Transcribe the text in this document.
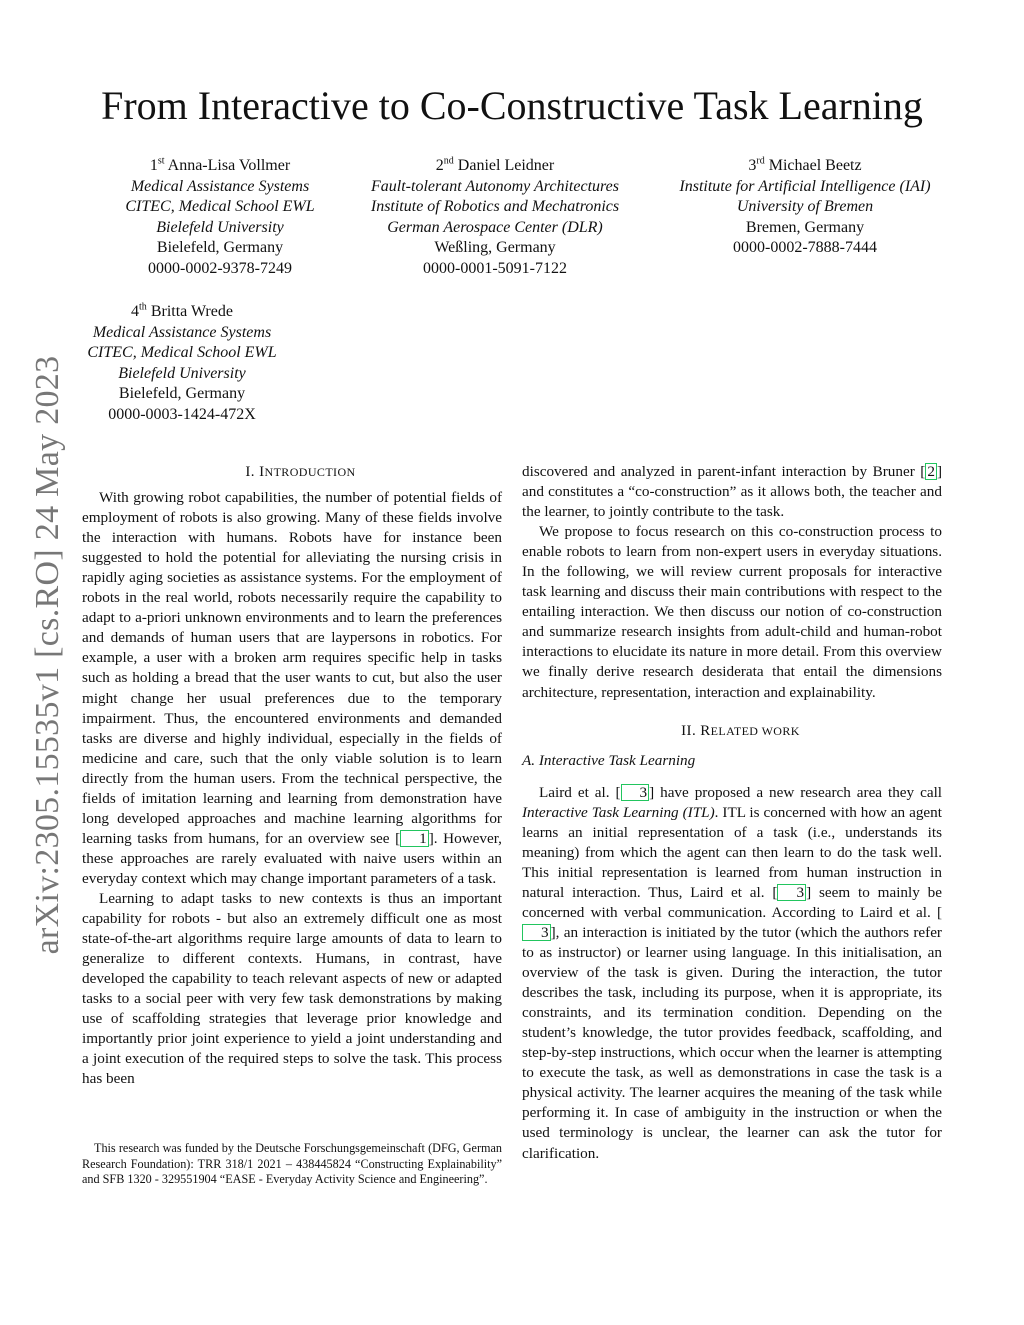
From Interactive to Co-Constructive Task Learning
1st Anna-Lisa Vollmer
Medical Assistance Systems
CITEC, Medical School EWL
Bielefeld University
Bielefeld, Germany
0000-0002-9378-7249
2nd Daniel Leidner
Fault-tolerant Autonomy Architectures
Institute of Robotics and Mechatronics
German Aerospace Center (DLR)
Weßling, Germany
0000-0001-5091-7122
3rd Michael Beetz
Institute for Artificial Intelligence (IAI)
University of Bremen
Bremen, Germany
0000-0002-7888-7444
4th Britta Wrede
Medical Assistance Systems
CITEC, Medical School EWL
Bielefeld University
Bielefeld, Germany
0000-0003-1424-472X
arXiv:2305.15535v1 [cs.RO] 24 May 2023	I. INTRODUCTION

With growing robot capabilities, the number of potential fields of employment of robots is also growing. Many of these fields involve the interaction with humans. Robots have for instance been suggested to hold the potential for alleviating the nursing crisis in rapidly aging societies as assistance systems. For the employment of robots in the real world, robots necessarily require the capability to adapt to a-priori unknown environments and to learn the preferences and demands of human users that are laypersons in robotics. For example, a user with a broken arm requires specific help in tasks such as holding a bread that the user wants to cut, but also the user might change her usual preferences due to the temporary impairment. Thus, the encountered environments and demanded tasks are diverse and highly individual, especially in the fields of medicine and care, such that the only viable solution is to learn directly from the human users. From the technical perspective, the fields of imitation learning and learning from demonstration have long developed approaches and machine learning algorithms for learning tasks from humans, for an overview see [ 1 ]. However, these approaches are rarely evaluated with naive users within an everyday context which may change important parameters of a task.

Learning to adapt tasks to new contexts is thus an important capability for robots - but also an extremely difficult one as most state-of-the-art algorithms require large amounts of data to learn to generalize to different contexts. Humans, in contrast, have developed the capability to teach relevant aspects of new or adapted tasks to a social peer with very few task demonstrations by making use of scaffolding strategies that leverage prior knowledge and importantly prior joint experience to yield a joint understanding and a joint execution of the required steps to solve the task. This process has been

This research was funded by the Deutsche Forschungsgemeinschaft (DFG, German Research Foundation): TRR 318/1 2021 – 438445824 “Constructing Explainability” and SFB 1320 - 329551904 “EASE - Everyday Activity Science and Engineering”.

discovered and analyzed in parent-infant interaction by Bruner [ 2 ] and constitutes a “co-construction” as it allows both, the teacher and the learner, to jointly contribute to the task.

We propose to focus research on this co-construction process to enable robots to learn from non-expert users in everyday situations. In the following, we will review current proposals for interactive task learning and discuss their main contributions with respect to the entailing interaction. We then discuss our notion of co-construction and summarize research insights from adult-child and human-robot interactions to elucidate its nature in more detail. From this overview we finally derive research desiderata that entail the dimensions architecture, representation, interaction and explainability.

II. RELATED WORK

A. Interactive Task Learning

Laird et al. [ 3 ] have proposed a new research area they call Interactive Task Learning (ITL). ITL is concerned with how an agent learns an initial representation of a task (i.e., understands its meaning) from which the agent can then learn to do the task well. This initial representation is learned from human instruction in natural interaction. Thus, Laird et al. [ 3 ] seem to mainly be concerned with verbal communication. According to Laird et al. [3 ], an interaction is initiated by the tutor (which the authors refer to as instructor) or learner using language. In this initialisation, an overview of the task is given. During the interaction, the tutor describes the task, including its purpose, when it is appropriate, its constraints, and its termination condition. Depending on the student’s knowledge, the tutor provides feedback, scaffolding, and step-by-step instructions, which occur when the learner is attempting to execute the task, as well as demonstrations in case the task is a physical activity. The learner acquires the meaning of the task while performing it. In case of ambiguity in the instruction or when the used terminology is unclear, the learner can ask the tutor for clarification.
